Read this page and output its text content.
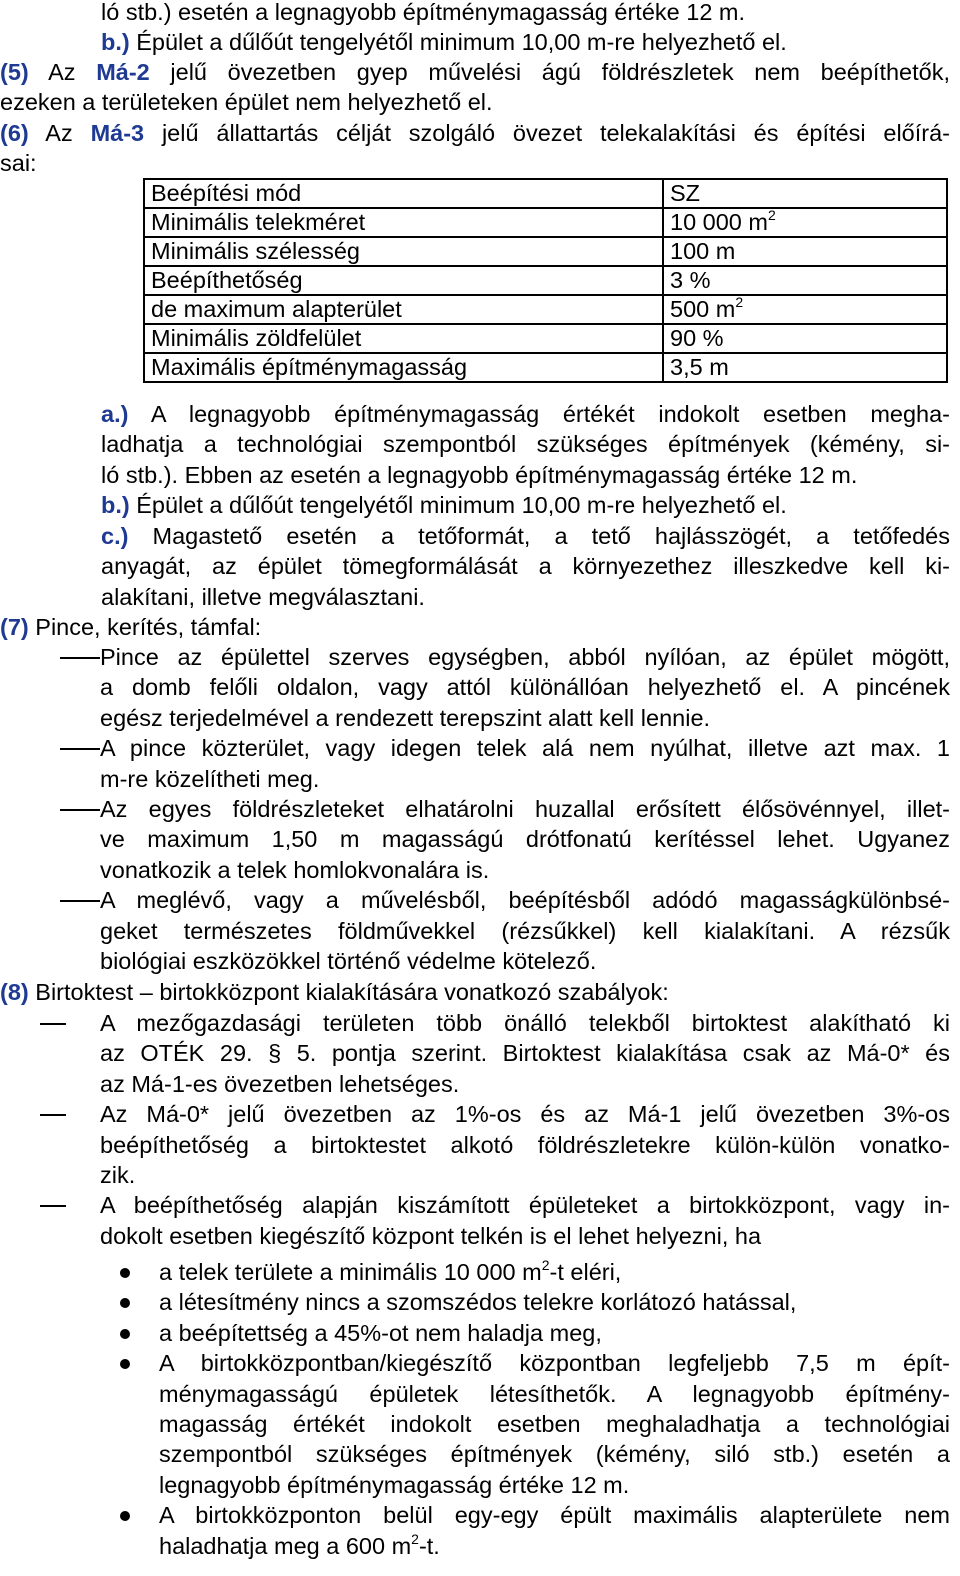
ló stb.) esetén a legnagyobb építménymagasság értéke 12 m.
b.) Épület a dűlőút tengelyétől minimum 10,00 m-re helyezhető el.
(5) Az Má-2 jelű övezetben gyep művelési ágú földrészletek nem beépíthetők,
ezeken a területeken épület nem helyezhető el.
(6) Az Má-3 jelű állattartás célját szolgáló övezet telekalakítási és építési előírá-
sai:
Beépítési mód	SZ
Minimális telekméret	10 000 $m^2$
Minimális szélesség	100 m
Beépíthetőség	3 %
de maximum alapterület	500 $m^2$
Minimális zöldfelület	90 %
Maximális építménymagasság	3,5 m
a.) A legnagyobb építménymagasság értékét indokolt esetben megha-
ladhatja a technológiai szempontból szükséges építmények (kémény, si-
ló stb.). Ebben az esetén a legnagyobb építménymagasság értéke 12 m.
b.) Épület a dűlőút tengelyétől minimum 10,00 m-re helyezhető el.
c.) Magastető esetén a tetőformát, a tető hajlásszögét, a tetőfedés
anyagát, az épület tömegformálását a környezethez illeszkedve kell ki-
alakítani, illetve megválasztani.
(7) Pince, kerítés, támfal:
Pince az épülettel szerves egységben, abból nyílóan, az épület mögött,
a domb felőli oldalon, vagy attól különállóan helyezhető el. A pincének
egész terjedelmével a rendezett terepszint alatt kell lennie.
A pince közterület, vagy idegen telek alá nem nyúlhat, illetve azt max. 1
m-re közelítheti meg.
Az egyes földrészleteket elhatárolni huzallal erősített élősövénnyel, illet-
ve maximum 1,50 m magasságú drótfonatú kerítéssel lehet. Ugyanez
vonatkozik a telek homlokvonalára is.
A meglévő, vagy a művelésből, beépítésből adódó magasságkülönbsé-
geket természetes földművekkel (rézsűkkel) kell kialakítani. A rézsűk
biológiai eszközökkel történő védelme kötelező.
(8) Birtoktest – birtokközpont kialakítására vonatkozó szabályok:
A mezőgazdasági területen több önálló telekből birtoktest alakítható ki
az OTÉK 29. § 5. pontja szerint. Birtoktest kialakítása csak az Má-0* és
az Má-1-es övezetben lehetséges.
Az Má-0* jelű övezetben az 1%-os és az Má-1 jelű övezetben 3%-os
beépíthetőség a birtoktestet alkotó földrészletekre külön-külön vonatko-
zik.
A beépíthetőség alapján kiszámított épületeket a birtokközpont, vagy in-
dokolt esetben kiegészítő központ telkén is el lehet helyezni, ha
a telek területe a minimális 10 000 $m^2-t$ eléri,
a létesítmény nincs a szomszédos telekre korlátozó hatással,
a beépítettség a 45%-ot nem haladja meg,
A birtokközpontban/kiegészítő központban legfeljebb 7,5 m épít-
ménymagasságú épületek létesíthetők. A legnagyobb építmény-
magasság értékét indokolt esetben meghaladhatja a technológiai
szempontból szükséges építmények (kémény, siló stb.) esetén a
legnagyobb építménymagasság értéke 12 m.
A birtokközponton belül egy-egy épült maximális alapterülete nem
haladhatja meg a 600 $m^2-t$.
